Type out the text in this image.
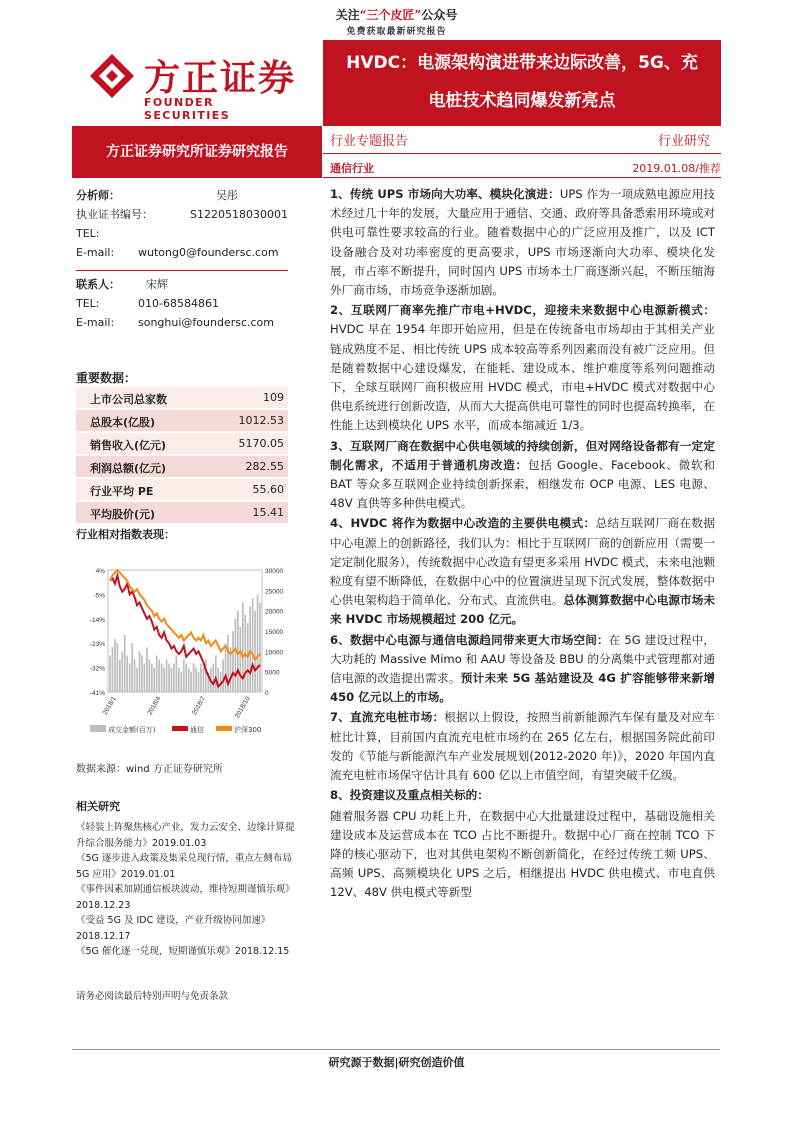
关注“三个皮匠”公众号
免费获取最新研究报告
方正证券
FOUNDER SECURITIES
HVDC：电源架构演进带来边际改善，5G、充
电桩技术趋同爆发新亮点
方正证券研究所证券研究报告
行业专题报告	行业研究
通信行业	2019.01.08/推荐
分析师：	吴彤
执业证书编号：	S1220518030001
TEL:
E-mail: wutong0@foundersc.com
联系人： 宋辉
TEL:	010-68584861
E-mail: songhui@foundersc.com
重要数据：
上市公司总家数	109
总股本(亿股)	1012.53
销售收入(亿元)	5170.05
利润总额(亿元)	282.55
行业平均 PE	55.60
平均股价(元)	15.41
行业相对指数表现：
4%
-5%
-14%
-23%
-32%
-41%
30000
25000
20000
15000
10000
5000
0
2018/1	2018/4	2018/7	2018/10
成交金额(百万)	通信	沪深300
数据来源：wind 方正证券研究所
相关研究
《轻装上阵聚焦核心产业，发力云安全、边缘计算提升综合服务能力》2019.01.03
《5G 逐步进入政策及集采兑现行情，重点左侧布局 5G 应用》2019.01.01
《事件因素加剧通信板块波动，维持短期谨慎乐观》2018.12.23
《受益 5G 及 IDC 建设，产业升级协同加速》2018.12.17
《5G 催化逐一兑现，短期谨慎乐观》2018.12.15
请务必阅读最后特别声明与免责条款

1、传统 UPS 市场向大功率、模块化演进：UPS 作为一项成熟电源应用技术经过几十年的发展，大量应用于通信、交通、政府等具备悉索用环境或对供电可靠性要求较高的行业。随着数据中心的广泛应用及推广，以及 ICT 设备融合及对功率密度的更高要求，UPS 市场逐渐向大功率、模块化发展，市占率不断提升，同时国内 UPS 市场本土厂商逐渐兴起，不断压缩海外厂商市场，市场竞争逐渐加剧。

2、互联网厂商率先推广市电+HVDC，迎接未来数据中心电源新模式：HVDC 早在 1954 年即开始应用，但是在传统备电市场却由于其相关产业链成熟度不足、相比传统 UPS 成本较高等系列因素而没有被广泛应用。但是随着数据中心建设爆发，在能耗、建设成本、维护难度等系列问题推动下，全球互联网厂商积极应用 HVDC 模式，市电+HVDC 模式对数据中心供电系统进行创新改造，从而大大提高供电可靠性的同时也提高转换率，在性能上达到模块化 UPS 水平，而成本缩减近 1/3。

3、互联网厂商在数据中心供电领域的持续创新，但对网络设备都有一定定制化需求，不适用于普通机房改造：包括 Google、Facebook、微软和 BAT 等众多互联网企业持续创新探索，相继发布 OCP 电源、LES 电源、48V 直供等多种供电模式。

4、HVDC 将作为数据中心改造的主要供电模式：总结互联网厂商在数据中心电源上的创新路径，我们认为：相比于互联网厂商的创新应用（需要一定定制化服务），传统数据中心改造有望更多采用 HVDC 模式，未来电池颗粒度有望不断降低，在数据中心中的位置演进呈现下沉式发展，整体数据中心供电架构趋于简单化、分布式、直流供电。总体测算数据中心电源市场未来 HVDC 市场规模超过 200 亿元。

6、数据中心电源与通信电源趋同带来更大市场空间：在 5G 建设过程中，大功耗的 Massive Mimo 和 AAU 等设备及 BBU 的分离集中式管理都对通信电源的改造提出需求。预计未来 5G 基站建设及 4G 扩容能够带来新增 450 亿元以上的市场。

7、直流充电桩市场：根据以上假设，按照当前新能源汽车保有量及对应车桩比计算，目前国内直流充电桩市场约在 265 亿左右，根据国务院此前印发的《节能与新能源汽车产业发展规划(2012-2020 年)》，2020 年国内直流充电桩市场保守估计具有 600 亿以上市值空间，有望突破千亿级。

8、投资建议及重点相关标的：

随着服务器 CPU 功耗上升，在数据中心大批量建设过程中，基础设施相关建设成本及运营成本在 TCO 占比不断提升。数据中心厂商在控制 TCO 下降的核心驱动下，也对其供电架构不断创新简化，在经过传统工频 UPS、高频 UPS、高频模块化 UPS 之后，相继提出 HVDC 供电模式、市电直供 12V、48V 供电模式等新型

研究源于数据|研究创造价值
